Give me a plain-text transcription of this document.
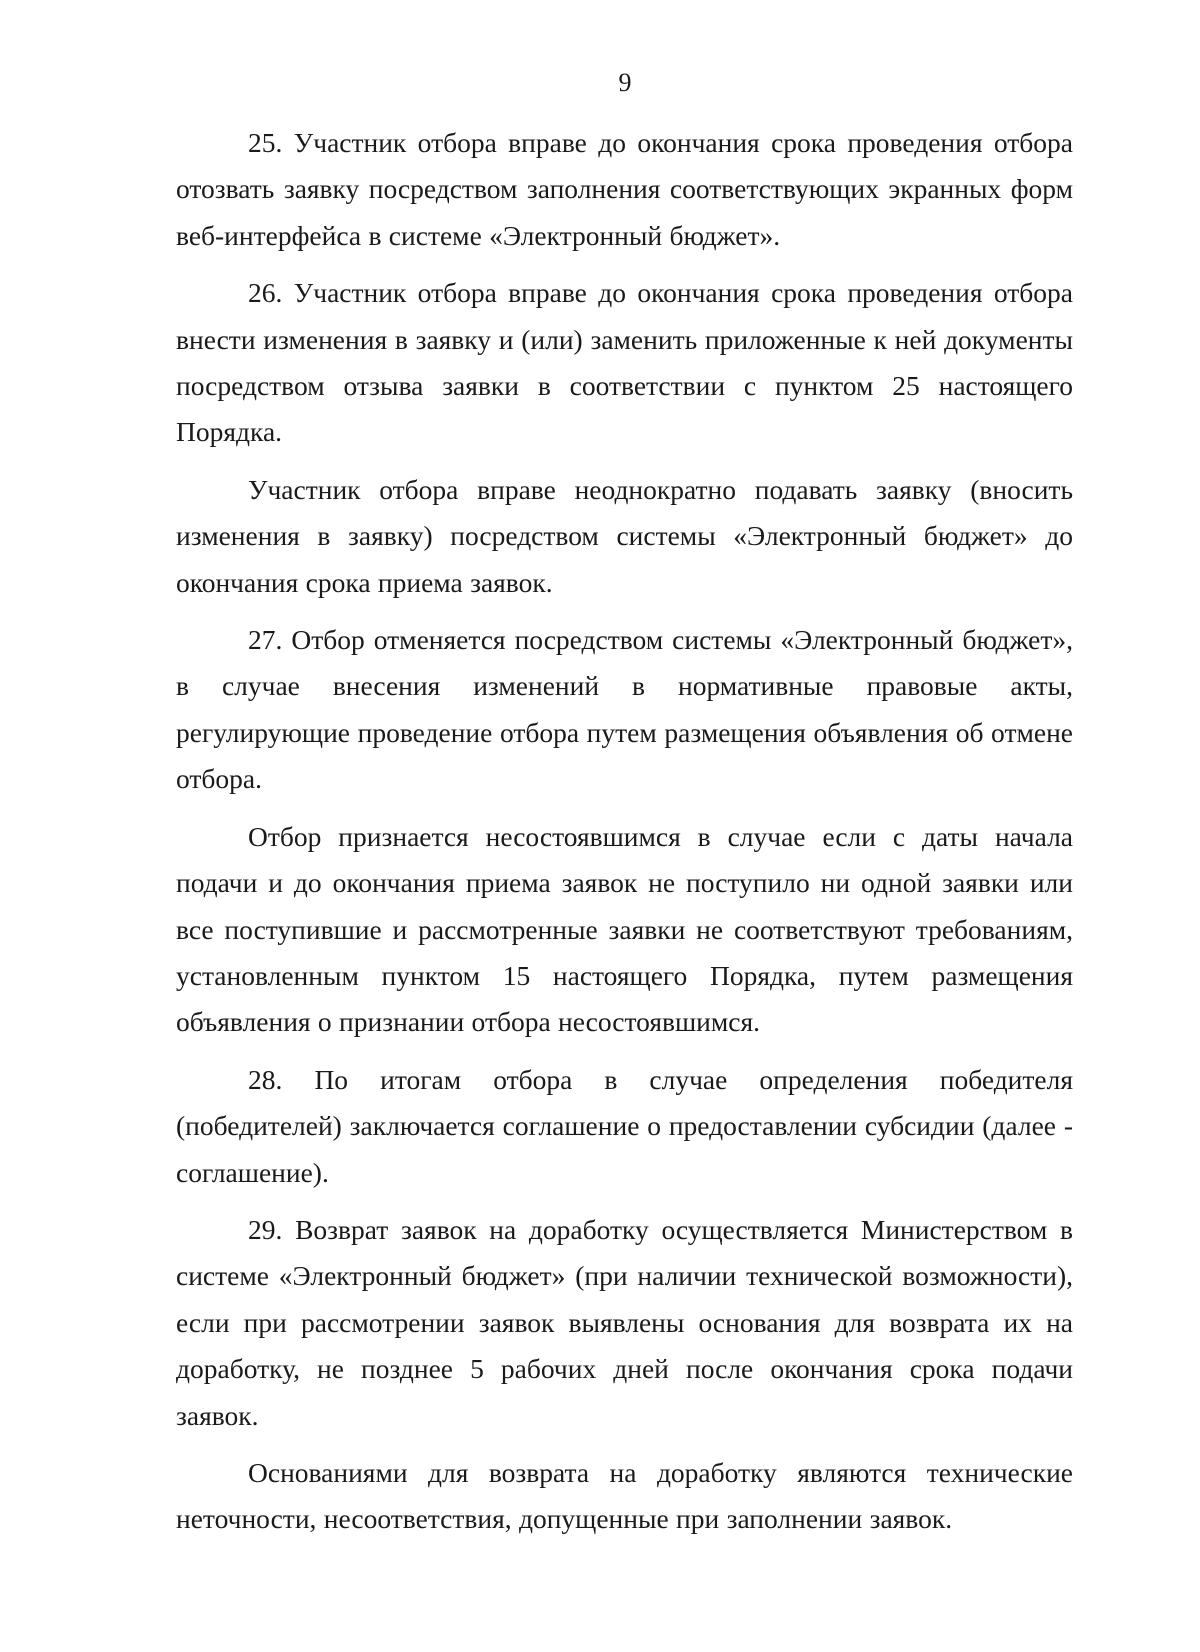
9

25. Участник отбора вправе до окончания срока проведения отбора отозвать заявку посредством заполнения соответствующих экранных форм веб-интерфейса в системе «Электронный бюджет».

26. Участник отбора вправе до окончания срока проведения отбора внести изменения в заявку и (или) заменить приложенные к ней документы посредством отзыва заявки в соответствии с пунктом 25 настоящего Порядка.

Участник отбора вправе неоднократно подавать заявку (вносить изменения в заявку) посредством системы «Электронный бюджет» до окончания срока приема заявок.

27. Отбор отменяется посредством системы «Электронный бюджет», в случае внесения изменений в нормативные правовые акты, регулирующие проведение отбора путем размещения объявления об отмене отбора.

Отбор признается несостоявшимся в случае если с даты начала подачи и до окончания приема заявок не поступило ни одной заявки или все поступившие и рассмотренные заявки не соответствуют требованиям, установленным пунктом 15 настоящего Порядка, путем размещения объявления о признании отбора несостоявшимся.

28. По итогам отбора в случае определения победителя (победителей) заключается соглашение о предоставлении субсидии (далее - соглашение).

29. Возврат заявок на доработку осуществляется Министерством в системе «Электронный бюджет» (при наличии технической возможности), если при рассмотрении заявок выявлены основания для возврата их на доработку, не позднее 5 рабочих дней после окончания срока подачи заявок.

Основаниями для возврата на доработку являются технические неточности, несоответствия, допущенные при заполнении заявок.
